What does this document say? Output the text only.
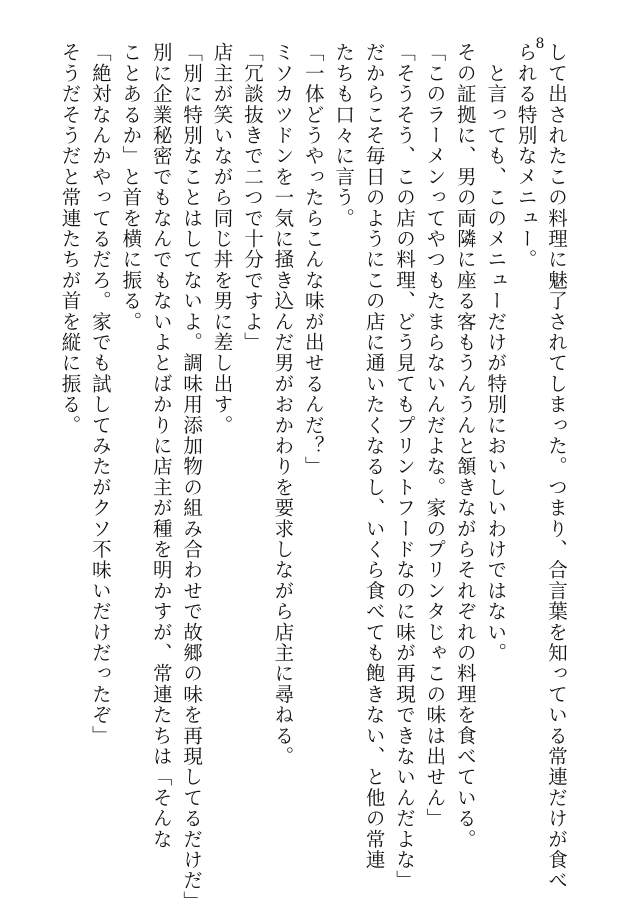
8 して出されたこの料理に魅了されてしまった。つまり、合言葉を知っている常連だけが食べ
られる特別なメニュー。
　と言っても、このメニューだけが特別においしいわけではない。
その証拠に、男の両隣に座る客もうんうんと頷きながらそれぞれの料理を食べている。
「このラーメンってやつもたまらないんだよな。家のプリンタじゃこの味は出せん」
「そうそう、この店の料理、どう見てもプリントフードなのに味が再現できないんだよな」
だからこそ毎日のようにこの店に通いたくなるし、いくら食べても飽きない、と他の常連
たちも口々に言う。
「一体どうやったらこんな味が出せるんだ？」
ミソカツドンを一気に掻き込んだ男がおかわりを要求しながら店主に尋ねる。
「冗談抜きで二つで十分ですよ」
店主が笑いながら同じ丼を男に差し出す。
「別に特別なことはしてないよ。調味用添加物の組み合わせで故郷の味を再現してるだけだ」
別に企業秘密でもなんでもないよとばかりに店主が種を明かすが、常連たちは「そんな
ことあるか」と首を横に振る。
「絶対なんかやってるだろ。家でも試してみたがクソ不味いだけだったぞ」
そうだそうだと常連たちが首を縦に振る。
